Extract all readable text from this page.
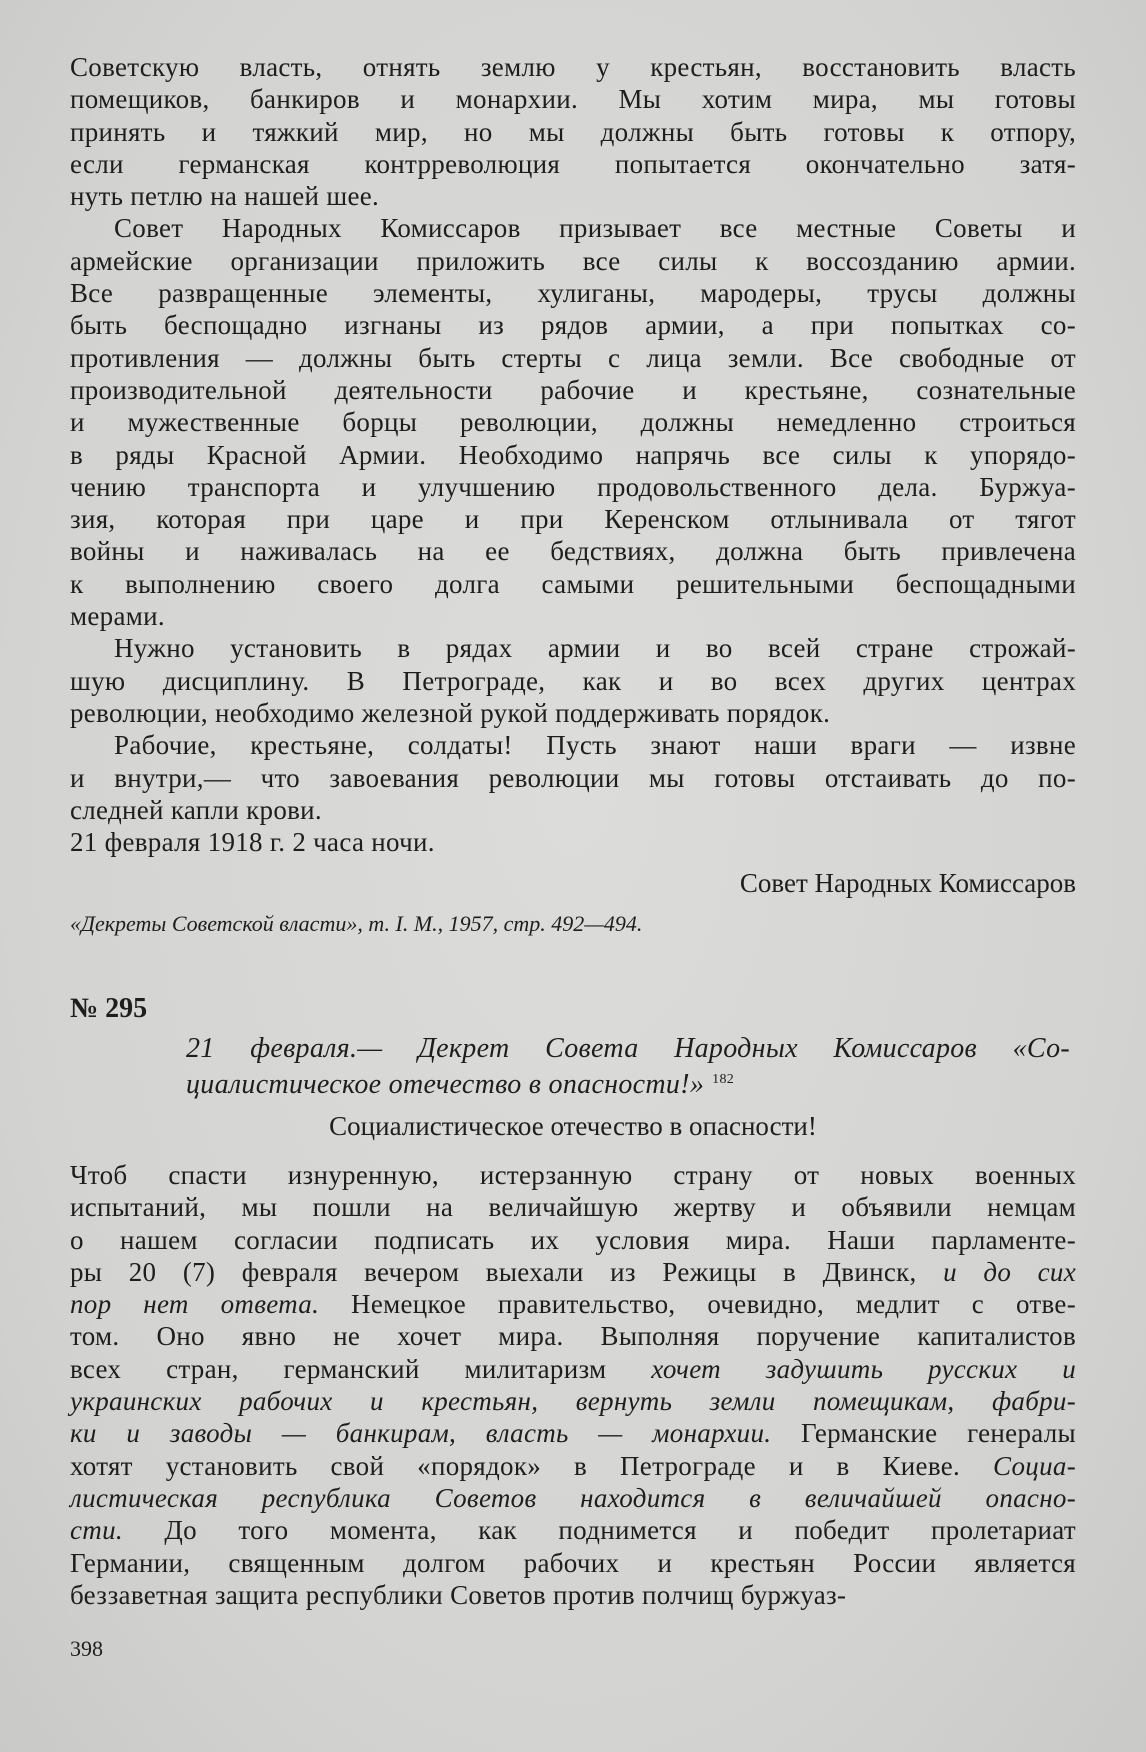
Советскую власть, отнять землю у крестьян, восстановить власть
помещиков, банкиров и монархии. Мы хотим мира, мы готовы
принять и тяжкий мир, но мы должны быть готовы к отпору,
если германская контрреволюция попытается окончательно затя-
нуть петлю на нашей шее.
Совет Народных Комиссаров призывает все местные Советы и
армейские организации приложить все силы к воссозданию армии.
Все развращенные элементы, хулиганы, мародеры, трусы должны
быть беспощадно изгнаны из рядов армии, а при попытках со-
противления — должны быть стерты с лица земли. Все свободные от
производительной деятельности рабочие и крестьяне, сознательные
и мужественные борцы революции, должны немедленно строиться
в ряды Красной Армии. Необходимо напрячь все силы к упорядо-
чению транспорта и улучшению продовольственного дела. Буржуа-
зия, которая при царе и при Керенском отлынивала от тягот
войны и наживалась на ее бедствиях, должна быть привлечена
к выполнению своего долга самыми решительными беспощадными
мерами.
Нужно установить в рядах армии и во всей стране строжай-
шую дисциплину. В Петрограде, как и во всех других центрах
революции, необходимо железной рукой поддерживать порядок.
Рабочие, крестьяне, солдаты! Пусть знают наши враги — извне
и внутри,— что завоевания революции мы готовы отстаивать до по-
следней капли крови.
21 февраля 1918 г. 2 часа ночи.
Совет Народных Комиссаров
«Декреты Советской власти», т. I. М., 1957, стр. 492—494.
№ 295
21 февраля.— Декрет Совета Народных Комиссаров «Со-
циалистическое отечество в опасности!» $^{182}$
Социалистическое отечество в опасности!
Чтоб спасти изнуренную, истерзанную страну от новых военных
испытаний, мы пошли на величайшую жертву и объявили немцам
о нашем согласии подписать их условия мира. Наши парламенте-
ры 20 (7) февраля вечером выехали из Режицы в Двинск, и до сих
пор нет ответа. Немецкое правительство, очевидно, медлит с отве-
том. Оно явно не хочет мира. Выполняя поручение капиталистов
всех стран, германский милитаризм хочет задушить русских и
украинских рабочих и крестьян, вернуть земли помещикам, фабри-
ки и заводы — банкирам, власть — монархии. Германские генералы
хотят установить свой «порядок» в Петрограде и в Киеве. Социа-
листическая республика Советов находится в величайшей опасно-
сти. До того момента, как поднимется и победит пролетариат
Германии, священным долгом рабочих и крестьян России является
беззаветная защита республики Советов против полчищ буржуаз-
398
